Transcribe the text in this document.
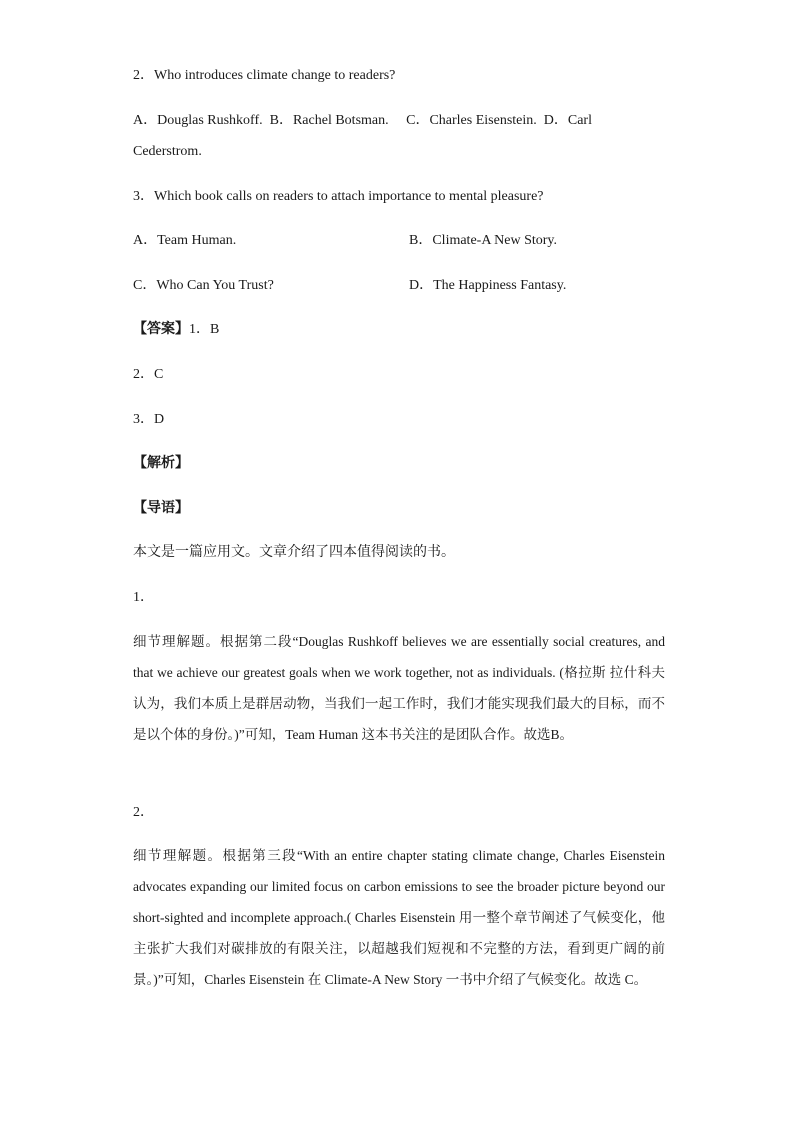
2．Who introduces climate change to readers?
A．Douglas Rushkoff.  B．Rachel Botsman.     C．Charles Eisenstein.  D．Carl
Cederstrom.
3．Which book calls on readers to attach importance to mental pleasure?
A．Team Human.	B．Climate-A New Story.
C．Who Can You Trust?	D．The Happiness Fantasy.
【答案】1．B
2．C
3．D
【解析】
【导语】
本文是一篇应用文。文章介绍了四本值得阅读的书。
1．
细节理解题。根据第二段“Douglas Rushkoff believes we are essentially social creatures, and that we achieve our greatest goals when we work together, not as individuals. (格拉斯 拉什科夫认为，我们本质上是群居动物，当我们一起工作时，我们才能实现我们最大的目标，而不是以个体的身份。)”可知，Team Human 这本书关注的是团队合作。故选B。
2．
细节理解题。根据第三段“With an entire chapter stating climate change, Charles Eisenstein advocates expanding our limited focus on carbon emissions to see the broader picture beyond our short-sighted and incomplete approach.( Charles Eisenstein 用一整个章节阐述了气候变化，他主张扩大我们对碳排放的有限关注，以超越我们短视和不完整的方法，看到更广阔的前景。)”可知，Charles Eisenstein 在 Climate-A New Story 一书中介绍了气候变化。故选 C。
